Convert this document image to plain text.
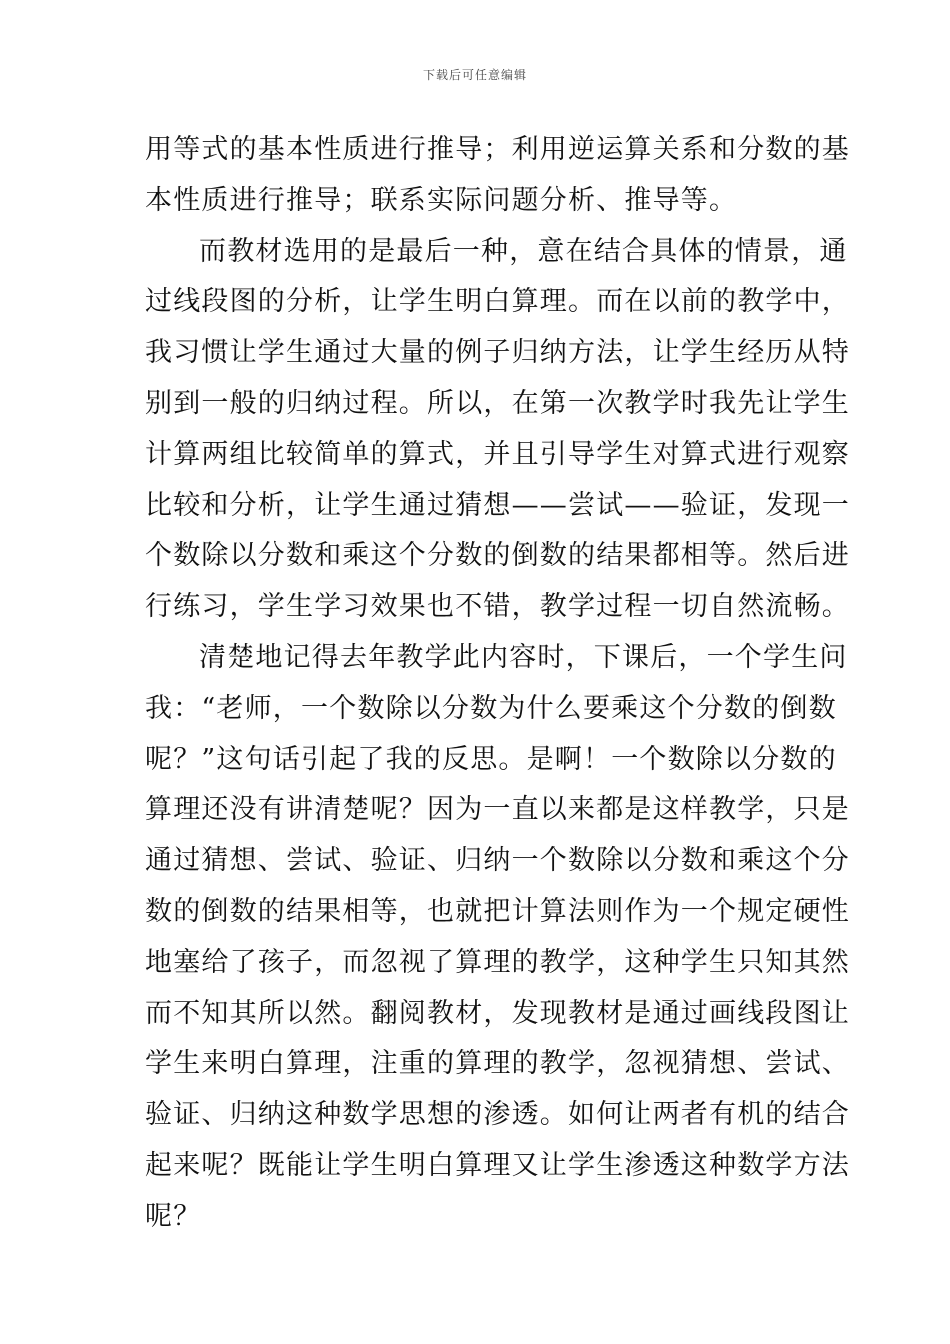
下载后可任意编辑
用等式的基本性质进行推导；利用逆运算关系和分数的基
本性质进行推导；联系实际问题分析、推导等。
而教材选用的是最后一种，意在结合具体的情景，通
过线段图的分析，让学生明白算理。而在以前的教学中，
我习惯让学生通过大量的例子归纳方法，让学生经历从特
别到一般的归纳过程。所以，在第一次教学时我先让学生
计算两组比较简单的算式，并且引导学生对算式进行观察
比较和分析，让学生通过猜想——尝试——验证，发现一
个数除以分数和乘这个分数的倒数的结果都相等。然后进
行练习，学生学习效果也不错，教学过程一切自然流畅。
清楚地记得去年教学此内容时，下课后，一个学生问
我：“老师，一个数除以分数为什么要乘这个分数的倒数
呢？”这句话引起了我的反思。是啊！一个数除以分数的
算理还没有讲清楚呢？因为一直以来都是这样教学，只是
通过猜想、尝试、验证、归纳一个数除以分数和乘这个分
数的倒数的结果相等，也就把计算法则作为一个规定硬性
地塞给了孩子，而忽视了算理的教学，这种学生只知其然
而不知其所以然。翻阅教材，发现教材是通过画线段图让
学生来明白算理，注重的算理的教学，忽视猜想、尝试、
验证、归纳这种数学思想的渗透。如何让两者有机的结合
起来呢？既能让学生明白算理又让学生渗透这种数学方法
呢？
